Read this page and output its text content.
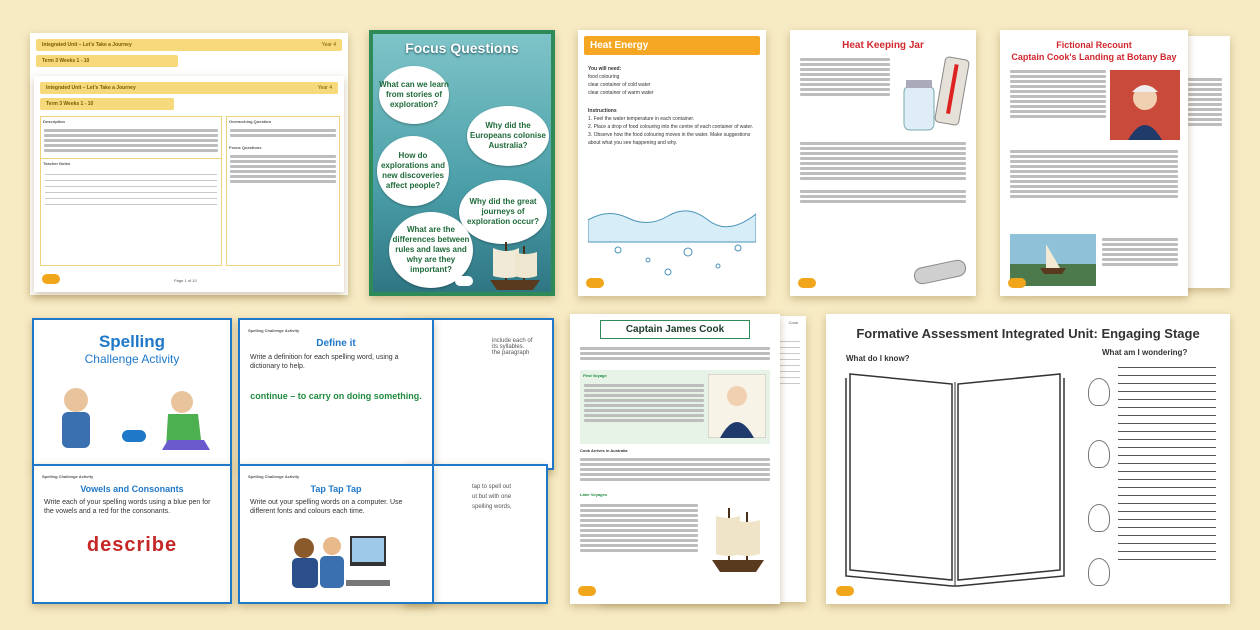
Integrated Unit – Let’s Take a Journey	Year 4
Term 3 Weeks 1 - 10
Integrated Unit – Let’s Take a Journey	Year 4
Term 3 Weeks 1 - 10
Description
Teacher Notes
Overarching Question
Focus Questions
Page 1 of 10
Focus Questions
What can we learn from stories of exploration?
Why did the Europeans colonise Australia?
How do explorations and new discoveries affect people?
Why did the great journeys of exploration occur?
What are the differences between rules and laws and why are they important?
Heat Energy
You will need:
food colouring
clear container of cold water
clear container of warm water
Instructions
1. Feel the water temperature in each container.
2. Place a drop of food colouring into the centre of each container of water.
3. Observe how the food colouring moves in the water. Make suggestions about what you see happening and why.
Heat Keeping Jar	Fictional Recount
Captain Cook's Landing at Botany Bay

include each of
its syllables.
the paragraph
Spelling
Challenge Activity
Spelling Challenge Activity
Define it
Write a definition for each spelling word, using a dictionary to help.
continue – to carry on doing something.
tap to spell out
ut but with one
spelling words,
Spelling Challenge Activity
Vowels and Consonants
Write each of your spelling words using a blue pen for the vowels and a red for the consonants.
describe
Spelling Challenge Activity
Tap Tap Tap
Write out your spelling words on a computer. Use different fonts and colours each time.
Cook
Captain James Cook
First Voyage
Cook Arrives in Australia
Later Voyages
Formative Assessment Integrated Unit: Engaging Stage
What do I know?
What am I wondering?
